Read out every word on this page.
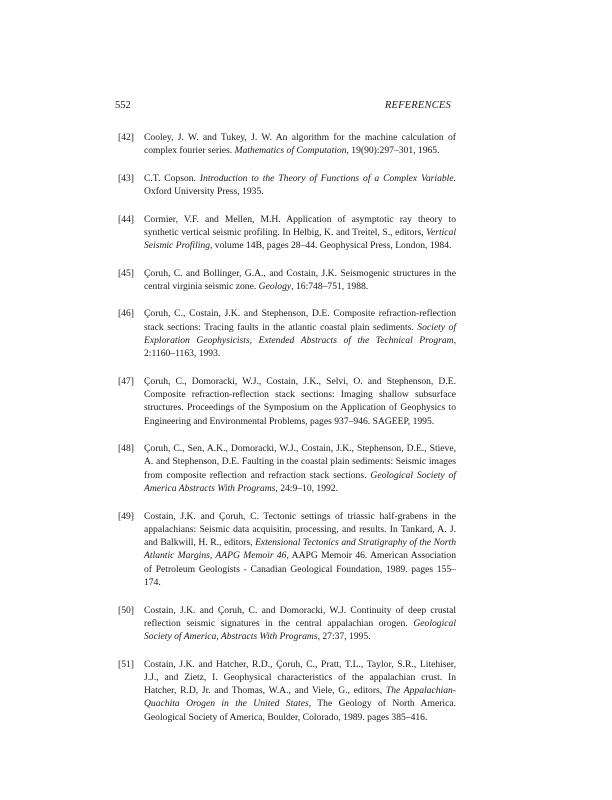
552	REFERENCES
[42] Cooley, J. W. and Tukey, J. W. An algorithm for the machine calculation of complex fourier series. Mathematics of Computation, 19(90):297–301, 1965.
[43] C.T. Copson. Introduction to the Theory of Functions of a Complex Variable. Oxford University Press, 1935.
[44] Cormier, V.F. and Mellen, M.H. Application of asymptotic ray theory to synthetic vertical seismic profiling. In Helbig, K. and Treitel, S., editors, Vertical Seismic Profiling, volume 14B, pages 28–44. Geophysical Press, London, 1984.
[45] Çoruh, C. and Bollinger, G.A., and Costain, J.K. Seismogenic structures in the central virginia seismic zone. Geology, 16:748–751, 1988.
[46] Çoruh, C., Costain, J.K. and Stephenson, D.E. Composite refraction-reflection stack sections: Tracing faults in the atlantic coastal plain sediments. Society of Exploration Geophysicists, Extended Abstracts of the Technical Program, 2:1160–1163, 1993.
[47] Çoruh, C., Domoracki, W.J., Costain, J.K., Selvi, O. and Stephenson, D.E. Composite refraction-reflection stack sections: Imaging shallow subsurface structures. Proceedings of the Symposium on the Application of Geophysics to Engineering and Environmental Problems, pages 937–946. SAGEEP, 1995.
[48] Çoruh, C., Sen, A.K., Domoracki, W.J., Costain, J.K., Stephenson, D.E., Stieve, A. and Stephenson, D.E. Faulting in the coastal plain sediments: Seismic images from composite reflection and refraction stack sections. Geological Society of America Abstracts With Programs, 24:9–10, 1992.
[49] Costain, J.K. and Çoruh, C. Tectonic settings of triassic half-grabens in the appalachians: Seismic data acquisitin, processing, and results. In Tankard, A. J. and Balkwill, H. R., editors, Extensional Tectonics and Stratigraphy of the North Atlantic Margins, AAPG Memoir 46, AAPG Memoir 46. American Association of Petroleum Geologists - Canadian Geological Foundation, 1989. pages 155–174.
[50] Costain, J.K. and Çoruh, C. and Domoracki, W.J. Continuity of deep crustal reflection seismic signatures in the central appalachian orogen. Geological Society of America, Abstracts With Programs, 27:37, 1995.
[51] Costain, J.K. and Hatcher, R.D., Çoruh, C., Pratt, T.L., Taylor, S.R., Litehiser, J.J., and Zietz, I. Geophysical characteristics of the appalachian crust. In Hatcher, R.D, Jr. and Thomas, W.A., and Viele, G., editors, The Appalachian-Quachita Orogen in the United States, The Geology of North America. Geological Society of America, Boulder, Colorado, 1989. pages 385–416.
